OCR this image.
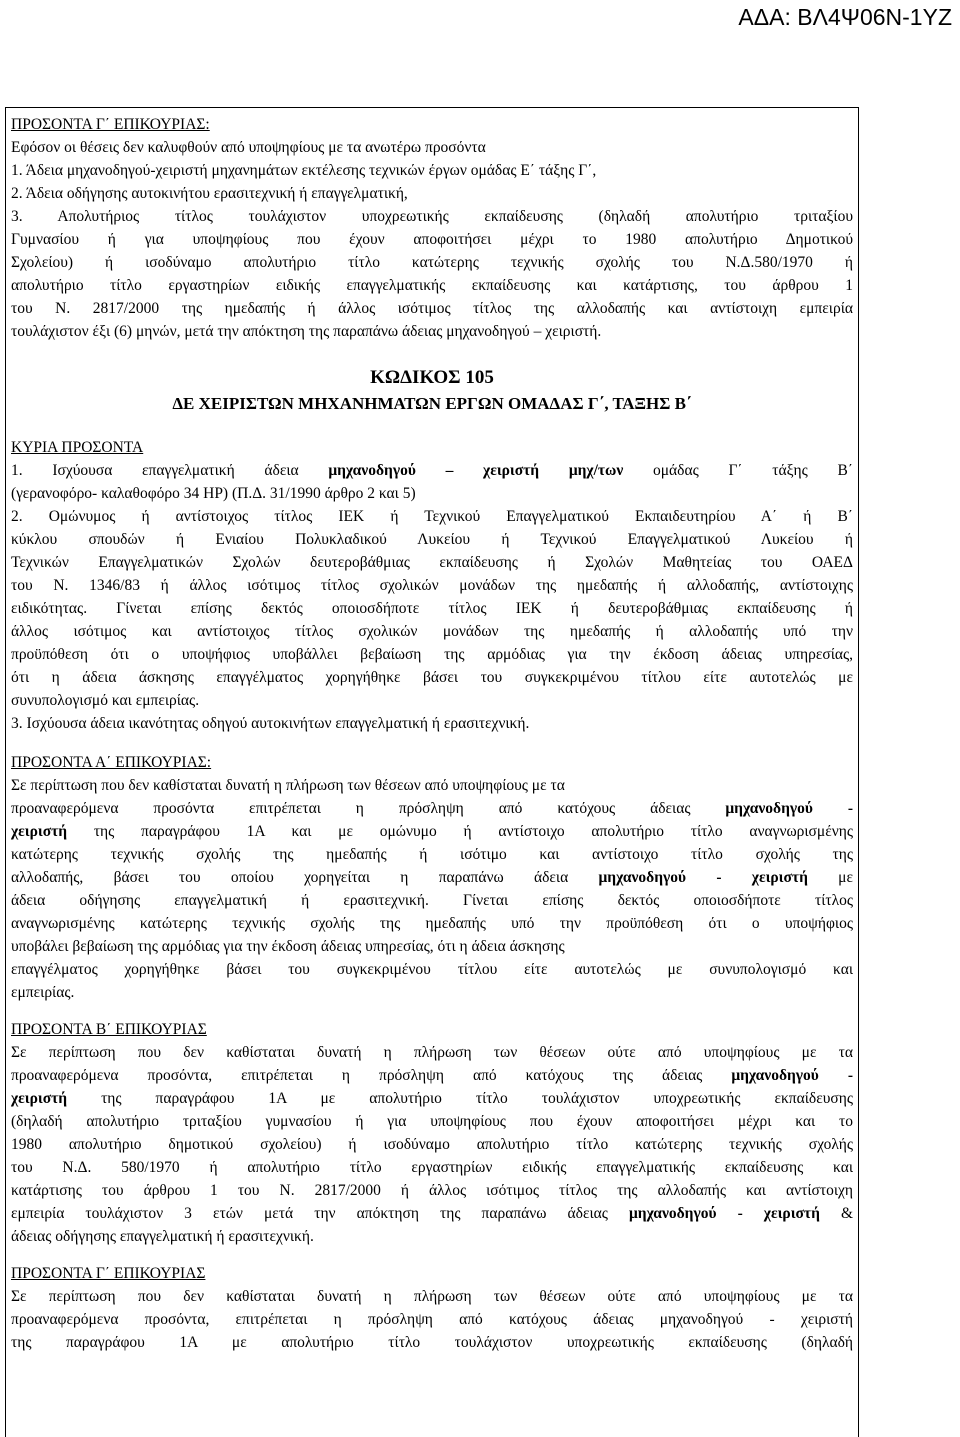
ΑΔΑ: ΒΛ4Ψ06Ν-1ΥΖ
ΠΡΟΣΟΝΤΑ Γ΄ ΕΠΙΚΟΥΡΙΑΣ:
Εφόσον οι θέσεις δεν καλυφθούν από υποψηφίους με τα ανωτέρω προσόντα
1. Άδεια μηχανοδηγού-χειριστή μηχανημάτων εκτέλεσης τεχνικών έργων ομάδας Ε΄ τάξης Γ΄,
2. Άδεια οδήγησης αυτοκινήτου ερασιτεχνική ή επαγγελματική,
3. Απολυτήριος τίτλος τουλάχιστον υποχρεωτικής εκπαίδευσης (δηλαδή απολυτήριο τριταξίου
Γυμνασίου ή για υποψηφίους που έχουν αποφοιτήσει μέχρι το 1980 απολυτήριο Δημοτικού
Σχολείου) ή ισοδύναμο απολυτήριο τίτλο κατώτερης τεχνικής σχολής του Ν.Δ.580/1970 ή
απολυτήριο τίτλο εργαστηρίων ειδικής επαγγελματικής εκπαίδευσης και κατάρτισης, του άρθρου 1
του Ν. 2817/2000 της ημεδαπής ή άλλος ισότιμος τίτλος της αλλοδαπής και αντίστοιχη εμπειρία
τουλάχιστον έξι (6) μηνών, μετά την απόκτηση της παραπάνω άδειας μηχανοδηγού – χειριστή.
ΚΩΔΙΚΟΣ 105
ΔΕ ΧΕΙΡΙΣΤΩΝ ΜΗΧΑΝΗΜΑΤΩΝ ΕΡΓΩΝ ΟΜΑΔΑΣ Γ΄, ΤΑΞΗΣ Β΄
ΚΥΡΙΑ ΠΡΟΣΟΝΤΑ
1. Ισχύουσα επαγγελματική άδεια μηχανοδηγού – χειριστή μηχ/των ομάδας Γ΄ τάξης Β΄
(γερανοφόρο- καλαθοφόρο 34 HP) (Π.Δ. 31/1990 άρθρο 2 και 5)
2. Ομώνυμος ή αντίστοιχος τίτλος ΙΕΚ ή Τεχνικού Επαγγελματικού Εκπαιδευτηρίου Α΄ ή Β΄
κύκλου σπουδών ή Ενιαίου Πολυκλαδικού Λυκείου ή Τεχνικού Επαγγελματικού Λυκείου ή
Τεχνικών Επαγγελματικών Σχολών δευτεροβάθμιας εκπαίδευσης ή Σχολών Μαθητείας του ΟΑΕΔ
του Ν. 1346/83 ή άλλος ισότιμος τίτλος σχολικών μονάδων της ημεδαπής ή αλλοδαπής, αντίστοιχης
ειδικότητας. Γίνεται επίσης δεκτός οποιοσδήποτε τίτλος ΙΕΚ ή δευτεροβάθμιας εκπαίδευσης ή
άλλος ισότιμος και αντίστοιχος τίτλος σχολικών μονάδων της ημεδαπής ή αλλοδαπής υπό την
προϋπόθεση ότι ο υποψήφιος υποβάλλει βεβαίωση της αρμόδιας για την έκδοση άδειας υπηρεσίας,
ότι η άδεια άσκησης επαγγέλματος χορηγήθηκε βάσει του συγκεκριμένου τίτλου είτε αυτοτελώς με
συνυπολογισμό και εμπειρίας.
3. Ισχύουσα άδεια ικανότητας οδηγού αυτοκινήτων επαγγελματική ή ερασιτεχνική.
ΠΡΟΣΟΝΤΑ Α΄ ΕΠΙΚΟΥΡΙΑΣ:
Σε περίπτωση που δεν καθίσταται δυνατή η πλήρωση των θέσεων από υποψηφίους με τα
προαναφερόμενα προσόντα επιτρέπεται η πρόσληψη από κατόχους άδειας μηχανοδηγού -
χειριστή της παραγράφου 1Α και με ομώνυμο ή αντίστοιχο απολυτήριο τίτλο αναγνωρισμένης
κατώτερης τεχνικής σχολής της ημεδαπής ή ισότιμο και αντίστοιχο τίτλο σχολής της
αλλοδαπής, βάσει του οποίου χορηγείται η παραπάνω άδεια μηχανοδηγού - χειριστή με
άδεια οδήγησης επαγγελματική ή ερασιτεχνική. Γίνεται επίσης δεκτός οποιοσδήποτε τίτλος
αναγνωρισμένης κατώτερης τεχνικής σχολής της ημεδαπής υπό την προϋπόθεση ότι ο υποψήφιος
υποβάλει βεβαίωση της αρμόδιας για την έκδοση άδειας υπηρεσίας, ότι η άδεια άσκησης
επαγγέλματος χορηγήθηκε βάσει του συγκεκριμένου τίτλου είτε αυτοτελώς με συνυπολογισμό και
εμπειρίας.
ΠΡΟΣΟΝΤΑ Β΄ ΕΠΙΚΟΥΡΙΑΣ
Σε περίπτωση που δεν καθίσταται δυνατή η πλήρωση των θέσεων ούτε από υποψηφίους με τα
προαναφερόμενα προσόντα, επιτρέπεται η πρόσληψη από κατόχους της άδειας μηχανοδηγού -
χειριστή της παραγράφου 1Α με απολυτήριο τίτλο τουλάχιστον υποχρεωτικής εκπαίδευσης
(δηλαδή απολυτήριο τριταξίου γυμνασίου ή για υποψηφίους που έχουν αποφοιτήσει μέχρι και το
1980 απολυτήριο δημοτικού σχολείου) ή ισοδύναμο απολυτήριο τίτλο κατώτερης τεχνικής σχολής
του Ν.Δ. 580/1970 ή απολυτήριο τίτλο εργαστηρίων ειδικής επαγγελματικής εκπαίδευσης και
κατάρτισης του άρθρου 1 του Ν. 2817/2000 ή άλλος ισότιμος τίτλος της αλλοδαπής και αντίστοιχη
εμπειρία τουλάχιστον 3 ετών μετά την απόκτηση της παραπάνω άδειας μηχανοδηγού - χειριστή &
άδειας οδήγησης επαγγελματική ή ερασιτεχνική.
ΠΡΟΣΟΝΤΑ Γ΄ ΕΠΙΚΟΥΡΙΑΣ
Σε περίπτωση που δεν καθίσταται δυνατή η πλήρωση των θέσεων ούτε από υποψηφίους με τα
προαναφερόμενα προσόντα, επιτρέπεται η πρόσληψη από κατόχους άδειας μηχανοδηγού - χειριστή
της παραγράφου 1Α με απολυτήριο τίτλο τουλάχιστον υποχρεωτικής εκπαίδευσης (δηλαδή
